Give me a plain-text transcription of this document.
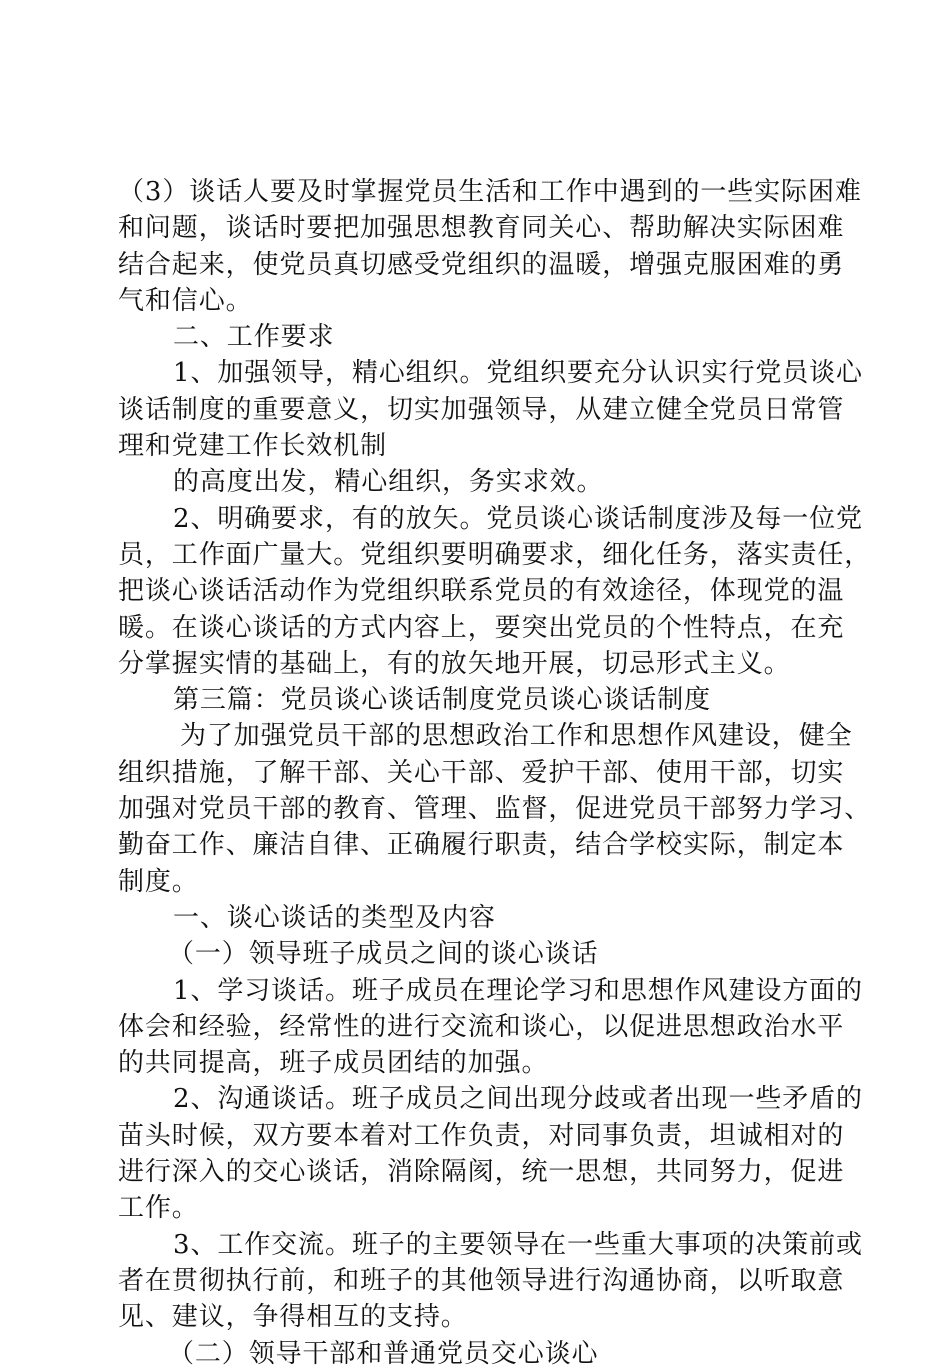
（3）谈话人要及时掌握党员生活和工作中遇到的一些实际困难
和问题，谈话时要把加强思想教育同关心、帮助解决实际困难
结合起来，使党员真切感受党组织的温暖，增强克服困难的勇
气和信心。
二、工作要求
1、加强领导，精心组织。党组织要充分认识实行党员谈心
谈话制度的重要意义，切实加强领导，从建立健全党员日常管
理和党建工作长效机制
的高度出发，精心组织，务实求效。
2、明确要求，有的放矢。党员谈心谈话制度涉及每一位党
员，工作面广量大。党组织要明确要求，细化任务，落实责任，
把谈心谈话活动作为党组织联系党员的有效途径，体现党的温
暖。在谈心谈话的方式内容上，要突出党员的个性特点，在充
分掌握实情的基础上，有的放矢地开展，切忌形式主义。
第三篇：党员谈心谈话制度党员谈心谈话制度
为了加强党员干部的思想政治工作和思想作风建设，健全
组织措施，了解干部、关心干部、爱护干部、使用干部，切实
加强对党员干部的教育、管理、监督，促进党员干部努力学习、
勤奋工作、廉洁自律、正确履行职责，结合学校实际，制定本
制度。
一、谈心谈话的类型及内容
（一）领导班子成员之间的谈心谈话
1、学习谈话。班子成员在理论学习和思想作风建设方面的
体会和经验，经常性的进行交流和谈心，以促进思想政治水平
的共同提高，班子成员团结的加强。
2、沟通谈话。班子成员之间出现分歧或者出现一些矛盾的
苗头时候，双方要本着对工作负责，对同事负责，坦诚相对的
进行深入的交心谈话，消除隔阂，统一思想，共同努力，促进
工作。
3、工作交流。班子的主要领导在一些重大事项的决策前或
者在贯彻执行前，和班子的其他领导进行沟通协商，以听取意
见、建议，争得相互的支持。
（二）领导干部和普通党员交心谈心
